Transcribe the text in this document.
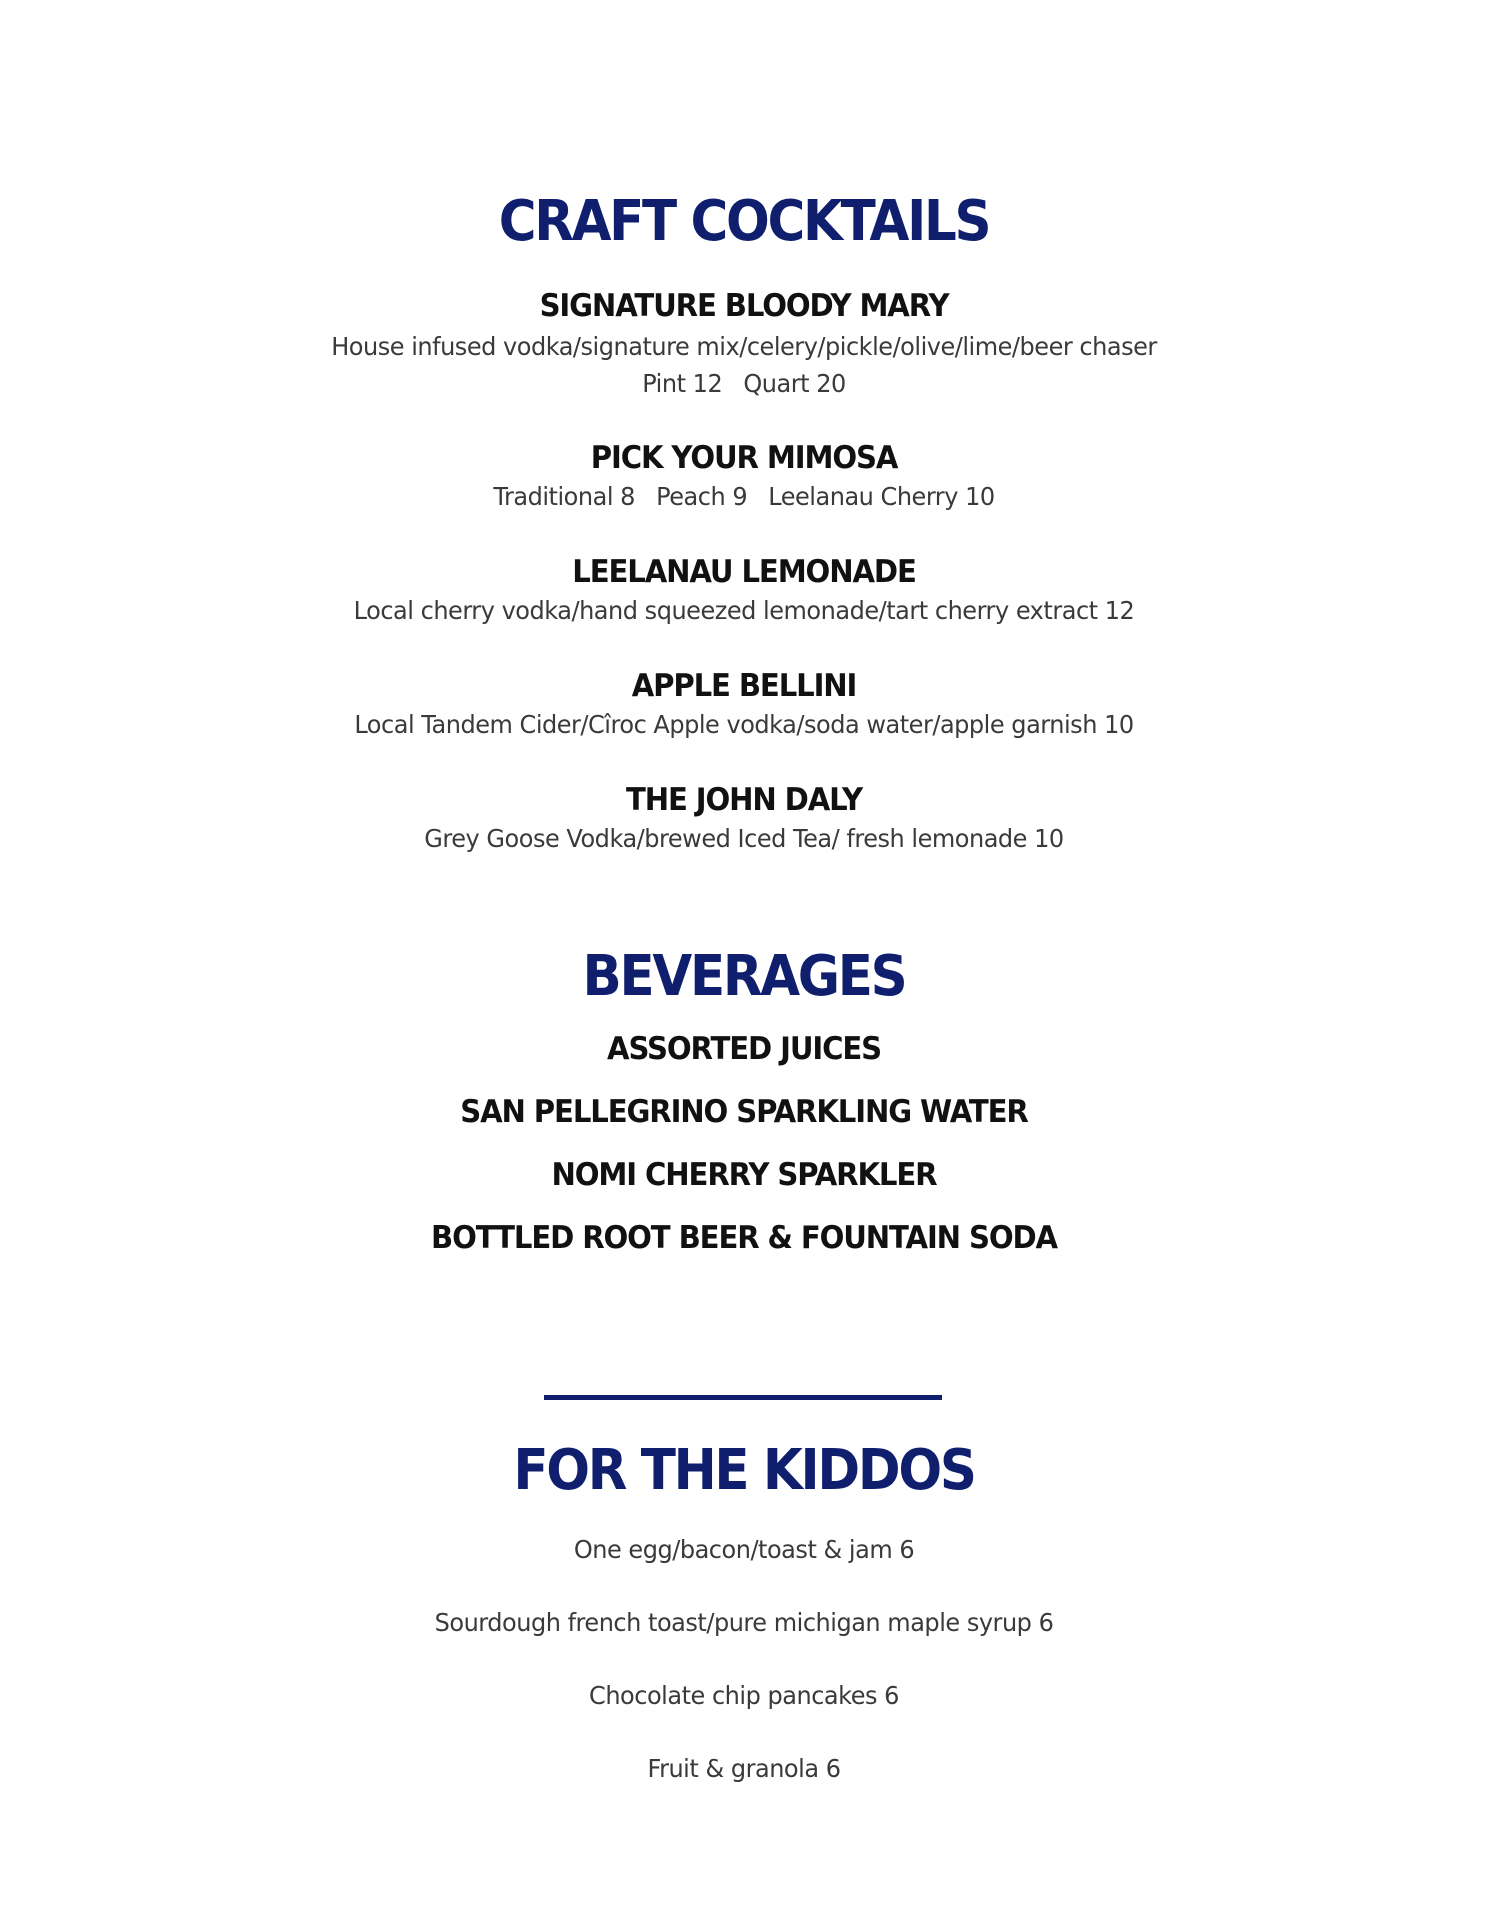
CRAFT COCKTAILS
SIGNATURE BLOODY MARY
House infused vodka/signature mix/celery/pickle/olive/lime/beer chaser
Pint 12 Quart 20
PICK YOUR MIMOSA
Traditional 8 Peach 9 Leelanau Cherry 10
LEELANAU LEMONADE
Local cherry vodka/hand squeezed lemonade/tart cherry extract 12
APPLE BELLINI
Local Tandem Cider/Cîroc Apple vodka/soda water/apple garnish 10
THE JOHN DALY
Grey Goose Vodka/brewed Iced Tea/ fresh lemonade 10
BEVERAGES
ASSORTED JUICES
SAN PELLEGRINO SPARKLING WATER
NOMI CHERRY SPARKLER
BOTTLED ROOT BEER & FOUNTAIN SODA
FOR THE KIDDOS
One egg/bacon/toast & jam 6
Sourdough french toast/pure michigan maple syrup 6
Chocolate chip pancakes 6
Fruit & granola 6
